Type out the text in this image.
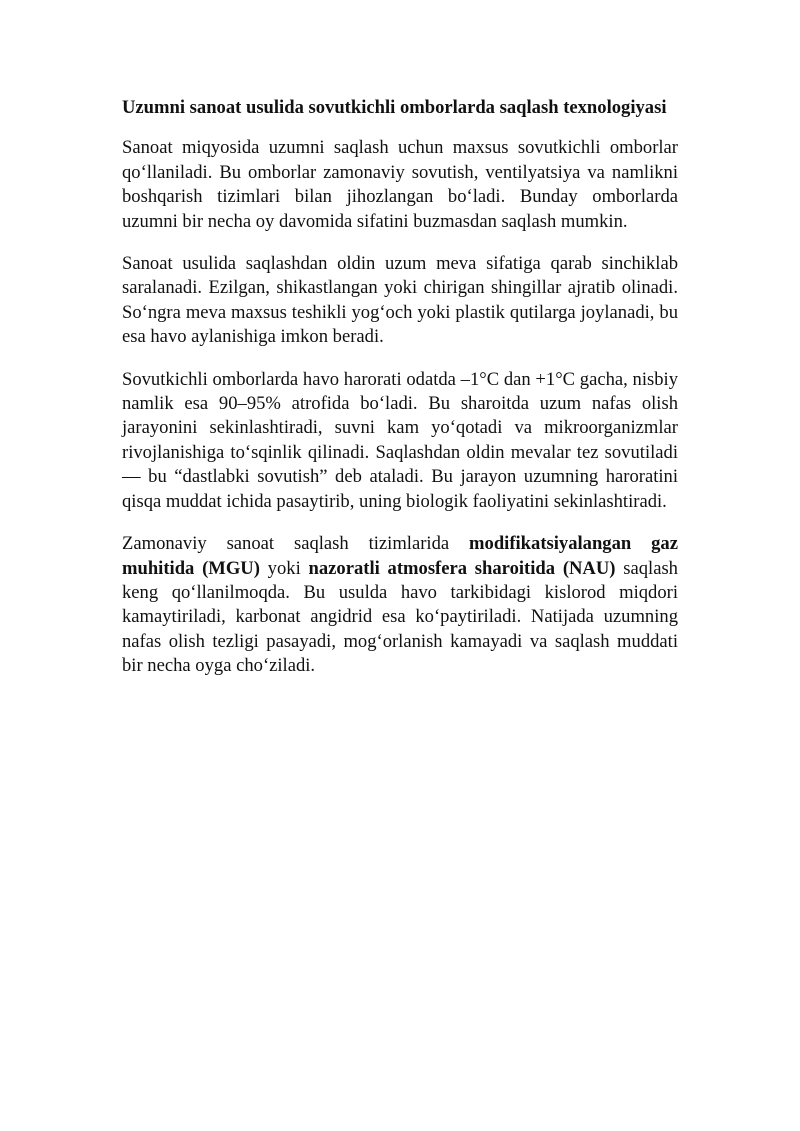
Uzumni sanoat usulida sovutkichli omborlarda saqlash texnologiyasi

Sanoat miqyosida uzumni saqlash uchun maxsus sovutkichli omborlar qo‘llaniladi. Bu omborlar zamonaviy sovutish, ventilyatsiya va namlikni boshqarish tizimlari bilan jihozlangan bo‘ladi. Bunday omborlarda uzumni bir necha oy davomida sifatini buzmasdan saqlash mumkin.

Sanoat usulida saqlashdan oldin uzum meva sifatiga qarab sinchiklab saralanadi. Ezilgan, shikastlangan yoki chirigan shingillar ajratib olinadi. So‘ngra meva maxsus teshikli yog‘och yoki plastik qutilarga joylanadi, bu esa havo aylanishiga imkon beradi.

Sovutkichli omborlarda havo harorati odatda –1°C dan +1°C gacha, nisbiy namlik esa 90–95% atrofida bo‘ladi. Bu sharoitda uzum nafas olish jarayonini sekinlashtiradi, suvni kam yo‘qotadi va mikroorganizmlar rivojlanishiga to‘sqinlik qilinadi. Saqlashdan oldin mevalar tez sovutiladi — bu “dastlabki sovutish” deb ataladi. Bu jarayon uzumning haroratini qisqa muddat ichida pasaytirib, uning biologik faoliyatini sekinlashtiradi.

Zamonaviy sanoat saqlash tizimlarida modifikatsiyalangan gaz muhitida (MGU) yoki nazoratli atmosfera sharoitida (NAU) saqlash keng qo‘llanilmoqda. Bu usulda havo tarkibidagi kislorod miqdori kamaytiriladi, karbonat angidrid esa ko‘paytiriladi. Natijada uzumning nafas olish tezligi pasayadi, mog‘orlanish kamayadi va saqlash muddati bir necha oyga cho‘ziladi.
